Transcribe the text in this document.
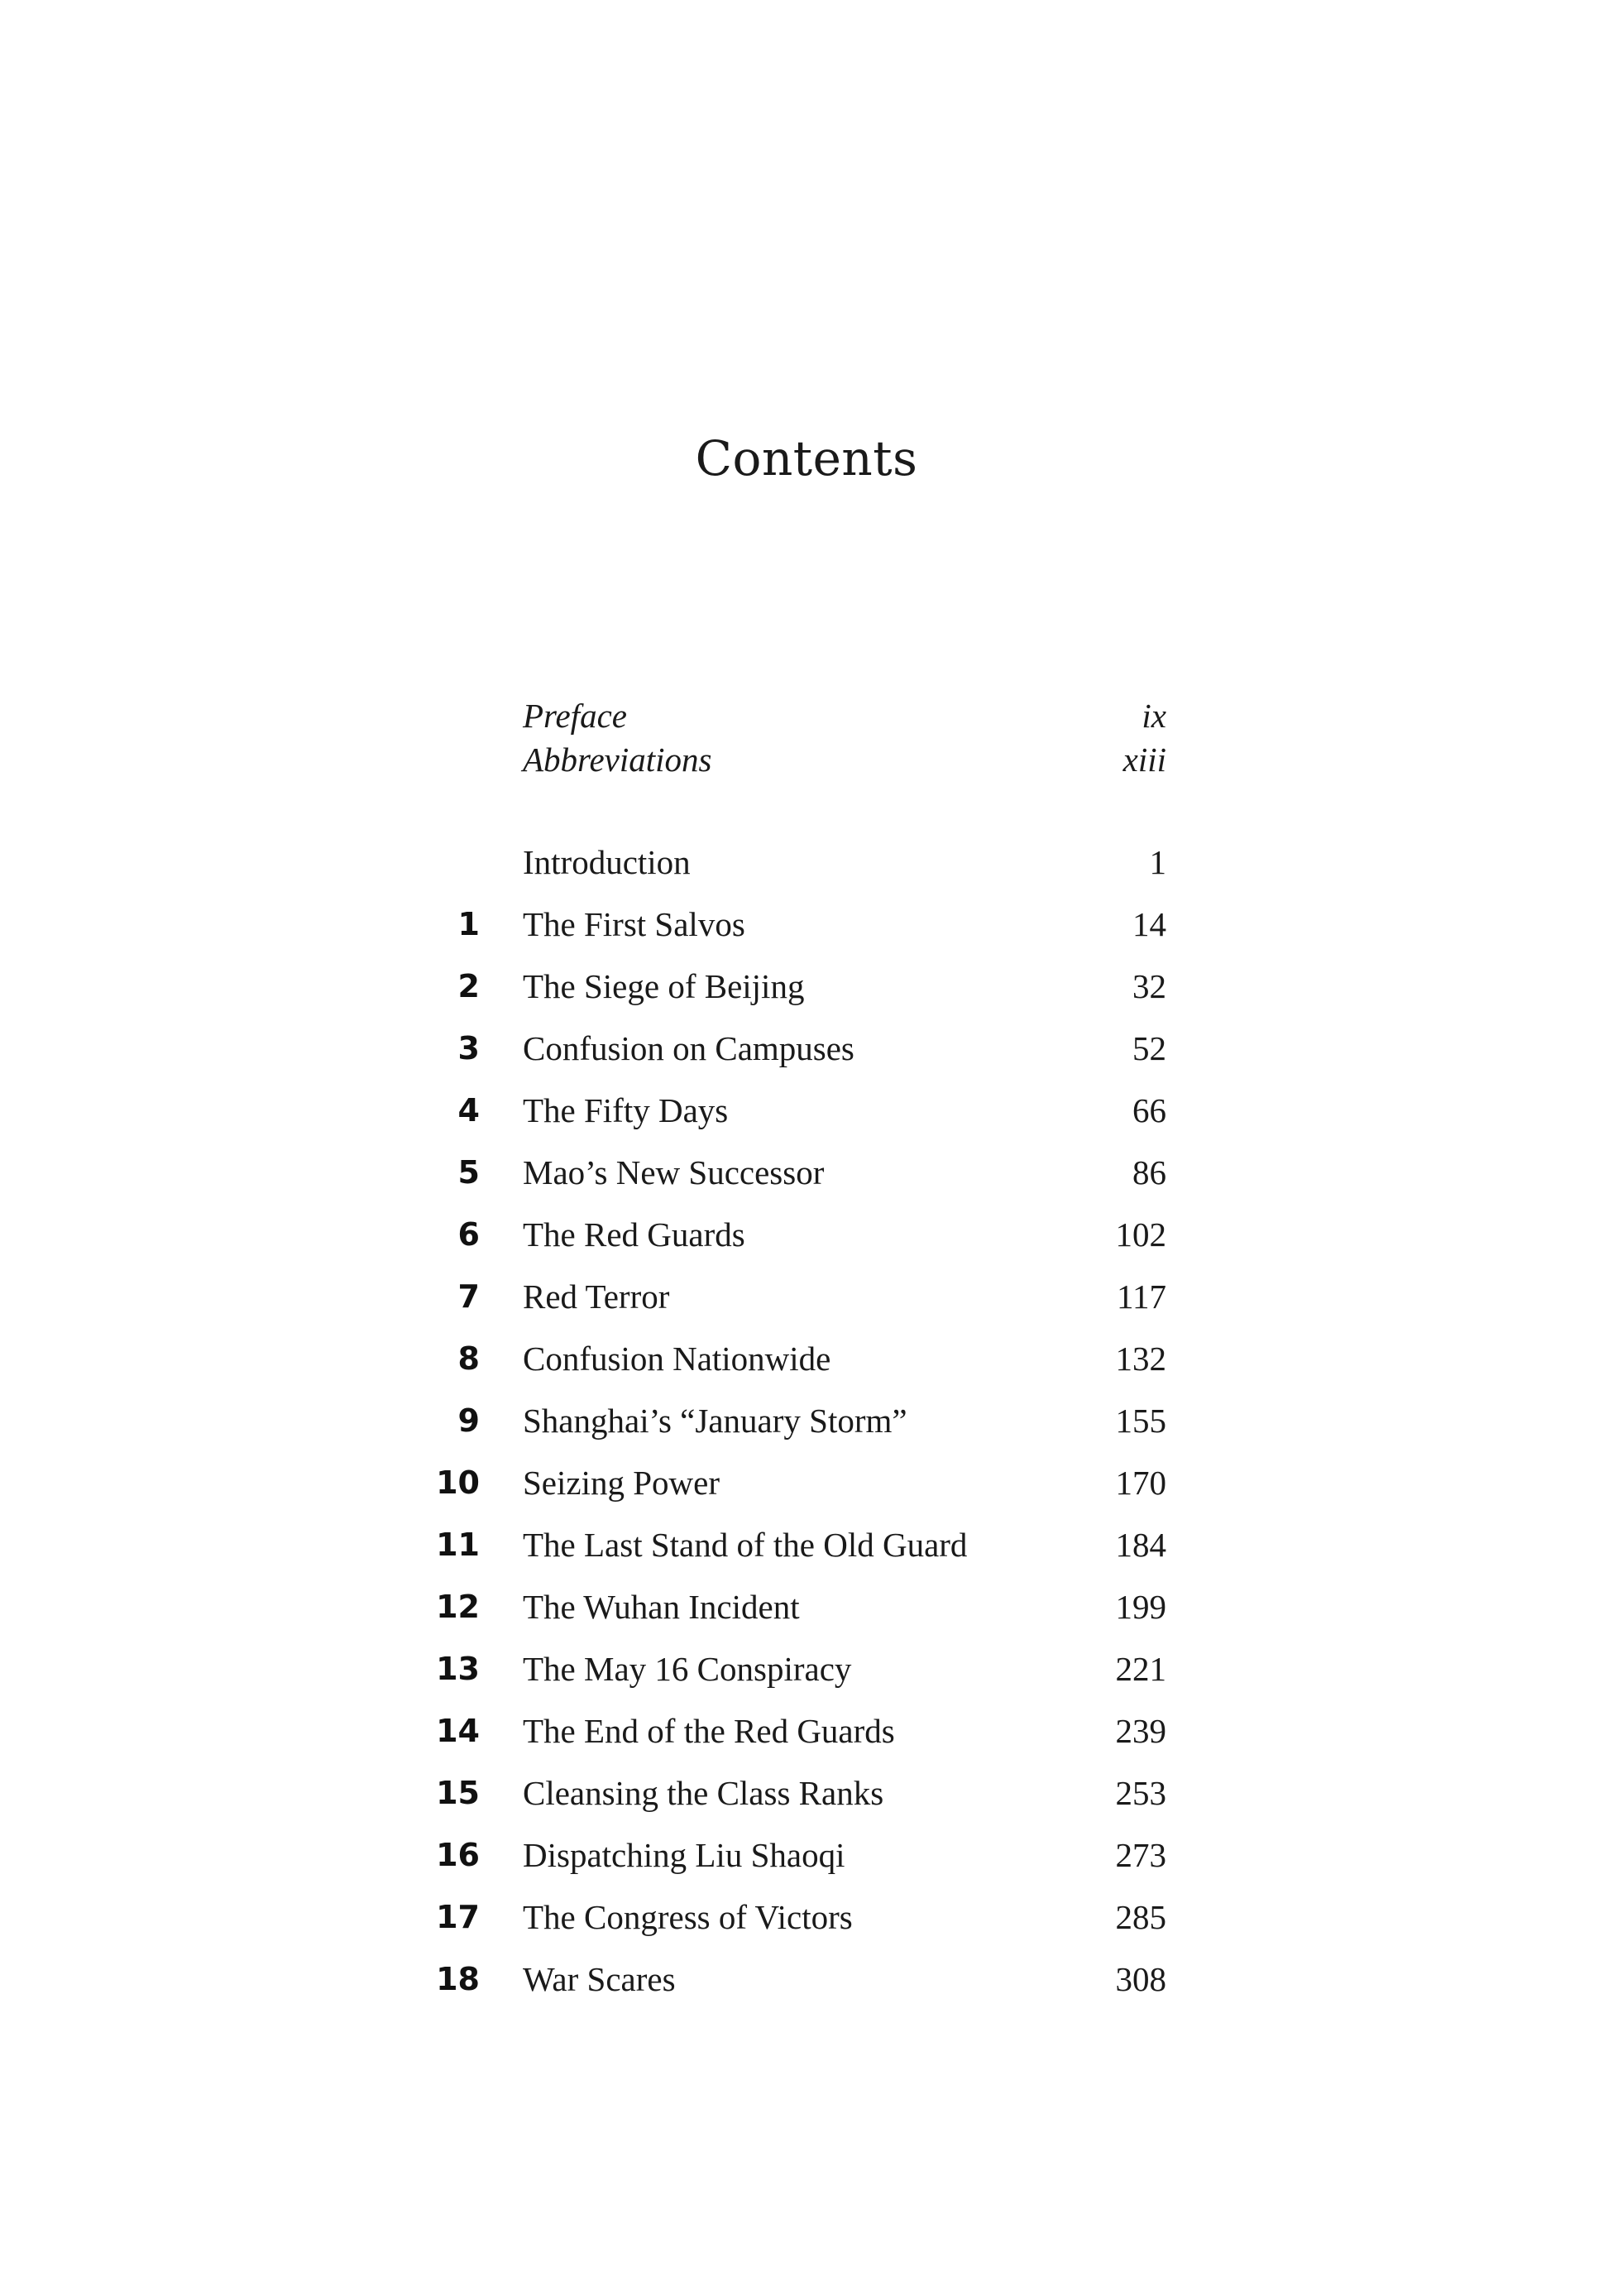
Contents
Preface	ix
Abbreviations	xiii
Introduction	1
1 The First Salvos	14
2 The Siege of Beijing	32
3 Confusion on Campuses	52
4 The Fifty Days	66
5 Mao’s New Successor	86
6 The Red Guards	102
7 Red Terror	117
8 Confusion Nationwide	132
9 Shanghai’s “January Storm”	155
10 Seizing Power	170
11 The Last Stand of the Old Guard	184
12 The Wuhan Incident	199
13 The May 16 Conspiracy	221
14 The End of the Red Guards	239
15 Cleansing the Class Ranks	253
16 Dispatching Liu Shaoqi	273
17 The Congress of Victors	285
18 War Scares	308
